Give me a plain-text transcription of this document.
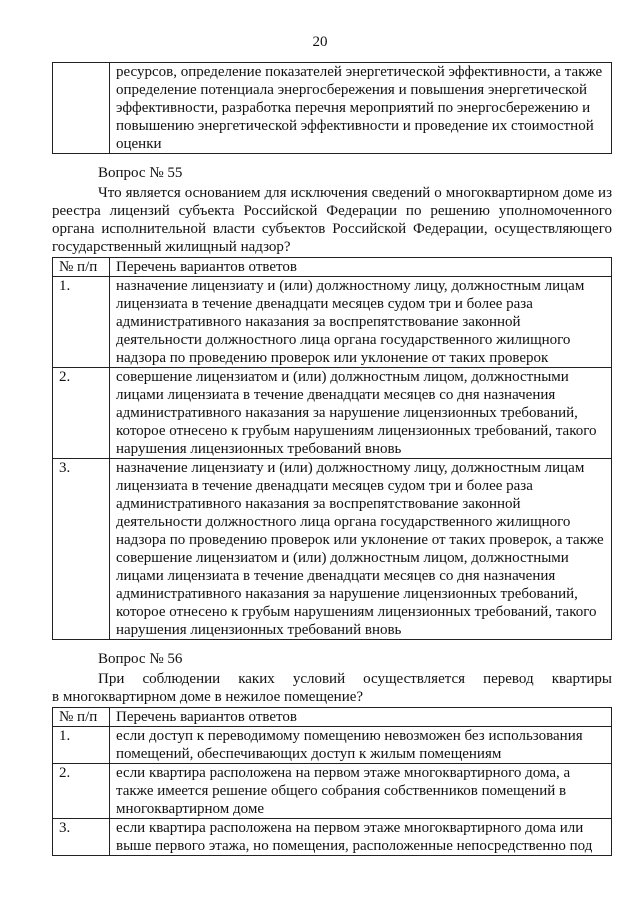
20
	ресурсов, определение показателей энергетической эффективности, а также определение потенциала энергосбережения и повышения энергетической эффективности, разработка перечня мероприятий по энергосбережению и повышению энергетической эффективности и проведение их стоимостной оценки
Вопрос № 55

Что является основанием для исключения сведений о многоквартирном доме из реестра лицензий субъекта Российской Федерации по решению уполномоченного органа исполнительной власти субъектов Российской Федерации, осуществляющего государственный жилищный надзор?

№ п/п	Перечень вариантов ответов
1.	назначение лицензиату и (или) должностному лицу, должностным лицам лицензиата в течение двенадцати месяцев судом три и более раза административного наказания за воспрепятствование законной деятельности должностного лица органа государственного жилищного надзора по проведению проверок или уклонение от таких проверок
2.	совершение лицензиатом и (или) должностным лицом, должностными лицами лицензиата в течение двенадцати месяцев со дня назначения административного наказания за нарушение лицензионных требований, которое отнесено к грубым нарушениям лицензионных требований, такого нарушения лицензионных требований вновь
3.	назначение лицензиату и (или) должностному лицу, должностным лицам лицензиата в течение двенадцати месяцев судом три и более раза административного наказания за воспрепятствование законной деятельности должностного лица органа государственного жилищного надзора по проведению проверок или уклонение от таких проверок, а также совершение лицензиатом и (или) должностным лицом, должностными лицами лицензиата в течение двенадцати месяцев со дня назначения административного наказания за нарушение лицензионных требований, которое отнесено к грубым нарушениям лицензионных требований, такого нарушения лицензионных требований вновь
Вопрос № 56
При соблюдении каких условий осуществляется перевод квартиры
в многоквартирном доме в нежилое помещение?
№ п/п	Перечень вариантов ответов
1.	если доступ к переводимому помещению невозможен без использования помещений, обеспечивающих доступ к жилым помещениям
2.	если квартира расположена на первом этаже многоквартирного дома, а также имеется решение общего собрания собственников помещений в многоквартирном доме
3.	если квартира расположена на первом этаже многоквартирного дома или выше первого этажа, но помещения, расположенные непосредственно под
